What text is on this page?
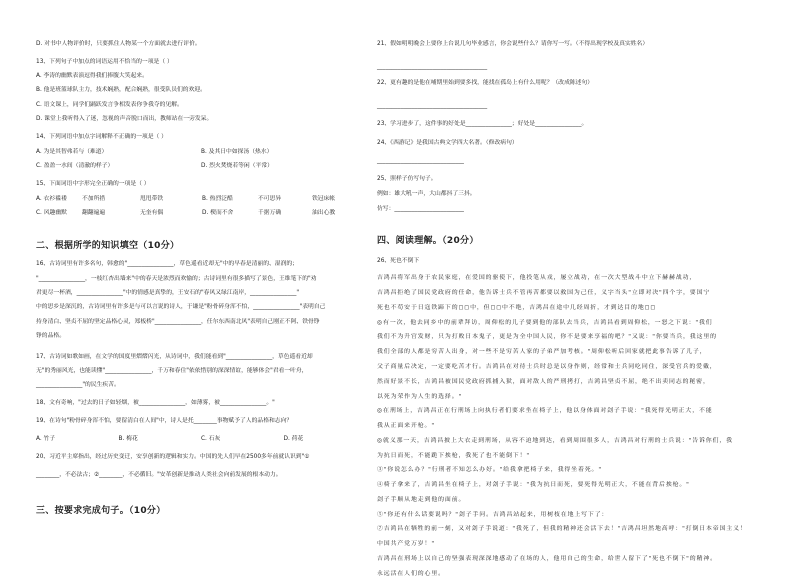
D. 对书中人物评价时，只要抓住人物某一个方面就去进行评价。
13、下列句子中加点的词语运用不恰当的一项是（ ）
A. 李涛的幽默表演逗得我们捧腹大笑起来。
B. 他是班篮球队主力，技术娴熟，配合娴熟，很受队员们的欢迎。
C. 语文课上，同学们踊跃发言争相发表你争我夺的见解。
D. 课堂上我听得入了迷，忽视的声音脱口而出，教师站在一旁发呆。
14、下列词语中加点字词解释不正确的一项是（ ）
A. 为是其智弗若与（难道）	B. 及其日中如探汤（热水）
C. 盈盈一水间（清澈的样子）	D. 烈火焚烧若等闲（平常）
15、下面词语中字形完全正确的一项是（ ）
A. 衣衫褴褛	不加所措	甩甩带铁	B. 热烈泛酷	不可思异	铁冠床帐
C. 风趣幽默	翻翻遍遍	无奎有偶	D. 楔而不舍	千据万确	油出心教
二、根据所学的知识填空（10分）
16、古诗词里有许多名句，韩愈的"________________，草色遥看近却无"中的早春是清丽的、湿润的；
"________________，一枝红杏出墙来"中的春天是浓烈而欢愉的；古诗词里有很多描写了景色，王维笔下的"劝
君更尽一杯酒，________________"中的情感是真挚的，王安石的"春风又绿江南岸，________________"
中的思乡是深沉的，古诗词里有许多是与可以言说的诗人，于谦是"粉骨碎身浑不怕，________________"表明自己
持身清白、坚贞不屈的坚定品格心灵，郑板桥"________________，任尔东西南北风"表明自己刚正不阿、铁骨铮
铮的品格。
17、古诗词如歌如画，在文学的国度里熠熠闪光，从诗词中，我们能看到"________________，草色遥看近却
无"的秀丽风光，也能读懂"________________，千万和春住"依依惜别的深深情谊，能够体会"君看一叶舟，
________________"的民生疾苦。
18、文有奇响，"过去的日子如轻烟，被________________，如薄雾，被________________。"
19、在诗句"粉骨碎身浑不怕，要留清白在人间"中，诗人是托________事物赋予了人的品格和志向？
A. 竹子	B. 梅花	C. 石灰	D. 荷花
20、习近平主席指出，经过历史变迁，安享创新的逻辑和实力。中国的先人们早在2500多年前就认识到"①
________，不必法古；②________，不必循旧。"安革创新是推动人类社会向前发展的根本动力。
三、按要求完成句子。（10分）
21、假如明明晚会上要你上台说几句毕业感言，你会说些什么？请你写一写。（不得出现学校及真实姓名）
______________________________________
22、更有趣的是他在哺期里始到要多找，能找在孤岛上有什么用呢？（改成陈述句）
______________________________________
23、学习进步了，这件事的好处是________________；好处是________________。
24、《西游记》是我国古典文学四大名著。（修改病句）
______________________________
25、照样子仿写句子。
例如：雄大吼一声，大山都抖了三抖。
仿写：________________________
四、阅读理解。（20分）
26、死也不倒下
吉鸿昌将军出身于农民家庭，在爱国的驱使下，他投笔从戎，屡立战功，在一次大型战斗中立下赫赫战功，
吉鸿昌拒绝了国民党政府的任命，他告诉士兵不管再苦都要以救国为己任，义字当头"立即对决"四个字，要国宁
死也不苟安于日寇铁蹄下的◻◻中，但◻◻中不绝，吉鸿昌在途中几经周折，才到达目的地◻◻
◎有一次，他去同乡中的前辈拜访，周仰松的儿子要到他的部队去当兵，吉鸿昌看到周仰松，一怒之下说："我们
我们不为升官发财，只为打败日本鬼子，更是为全中国人民，你不是要来享福的吧？"又说："你要当兵，我这里的
我们全部的人都是穷苦人出身，对一些不是穷苦人家的子弟严加考核。"周仰松听后回家就把此事告诉了儿子，
父子商量后决定，一定要吃苦才行。吉鸿昌在对待士兵时总是以身作则，经常和士兵同吃同住，深受官兵的爱戴，
然而好景不长，吉鸿昌被国民党政府抓捕入狱，面对敌人的严刑拷打，吉鸿昌坚贞不屈，绝不出卖同志的秘密，
以死为荣作为人生的选择。"
◎在刑场上，吉鸿昌正在行刑场上向执行者们要求坐在椅子上，他以身体面对刽子手说："我死得光明正大，不能
我从正面来开枪。"
◎就义那一天，吉鸿昌披上大衣走到刑场，从容不迫地到达，看到周围很多人，吉鸿昌对行刑的士兵说："告诉你们，我
为抗日而死，不能跪下挨枪，我死了也不能倒下！"
③"你说怎么办？"行刑者不知怎么办好。"给我拿把椅子来，我得坐着死。"
④椅子拿来了，吉鸿昌坐在椅子上，对刽子手说："我为抗日而死，要死得光明正大，不能在背后挨枪。"
刽子手顺从地走到他的面前。
⑤"你还有什么话要说吗？"刽子手问。吉鸿昌站起来，用树枝在地上写下了：
⑦吉鸿昌在牺牲的前一刻，又对刽子手说道："我死了，但我的精神还会活下去！"吉鸿昌坦然地高呼："打倒日本帝国主义！
中国共产党万岁！"
吉鸿昌在刑场上以自己的坚强表现深深地感动了在场的人，他用自己的生命，给世人留下了"死也不倒下"的精神。
永远活在人们的心里。
